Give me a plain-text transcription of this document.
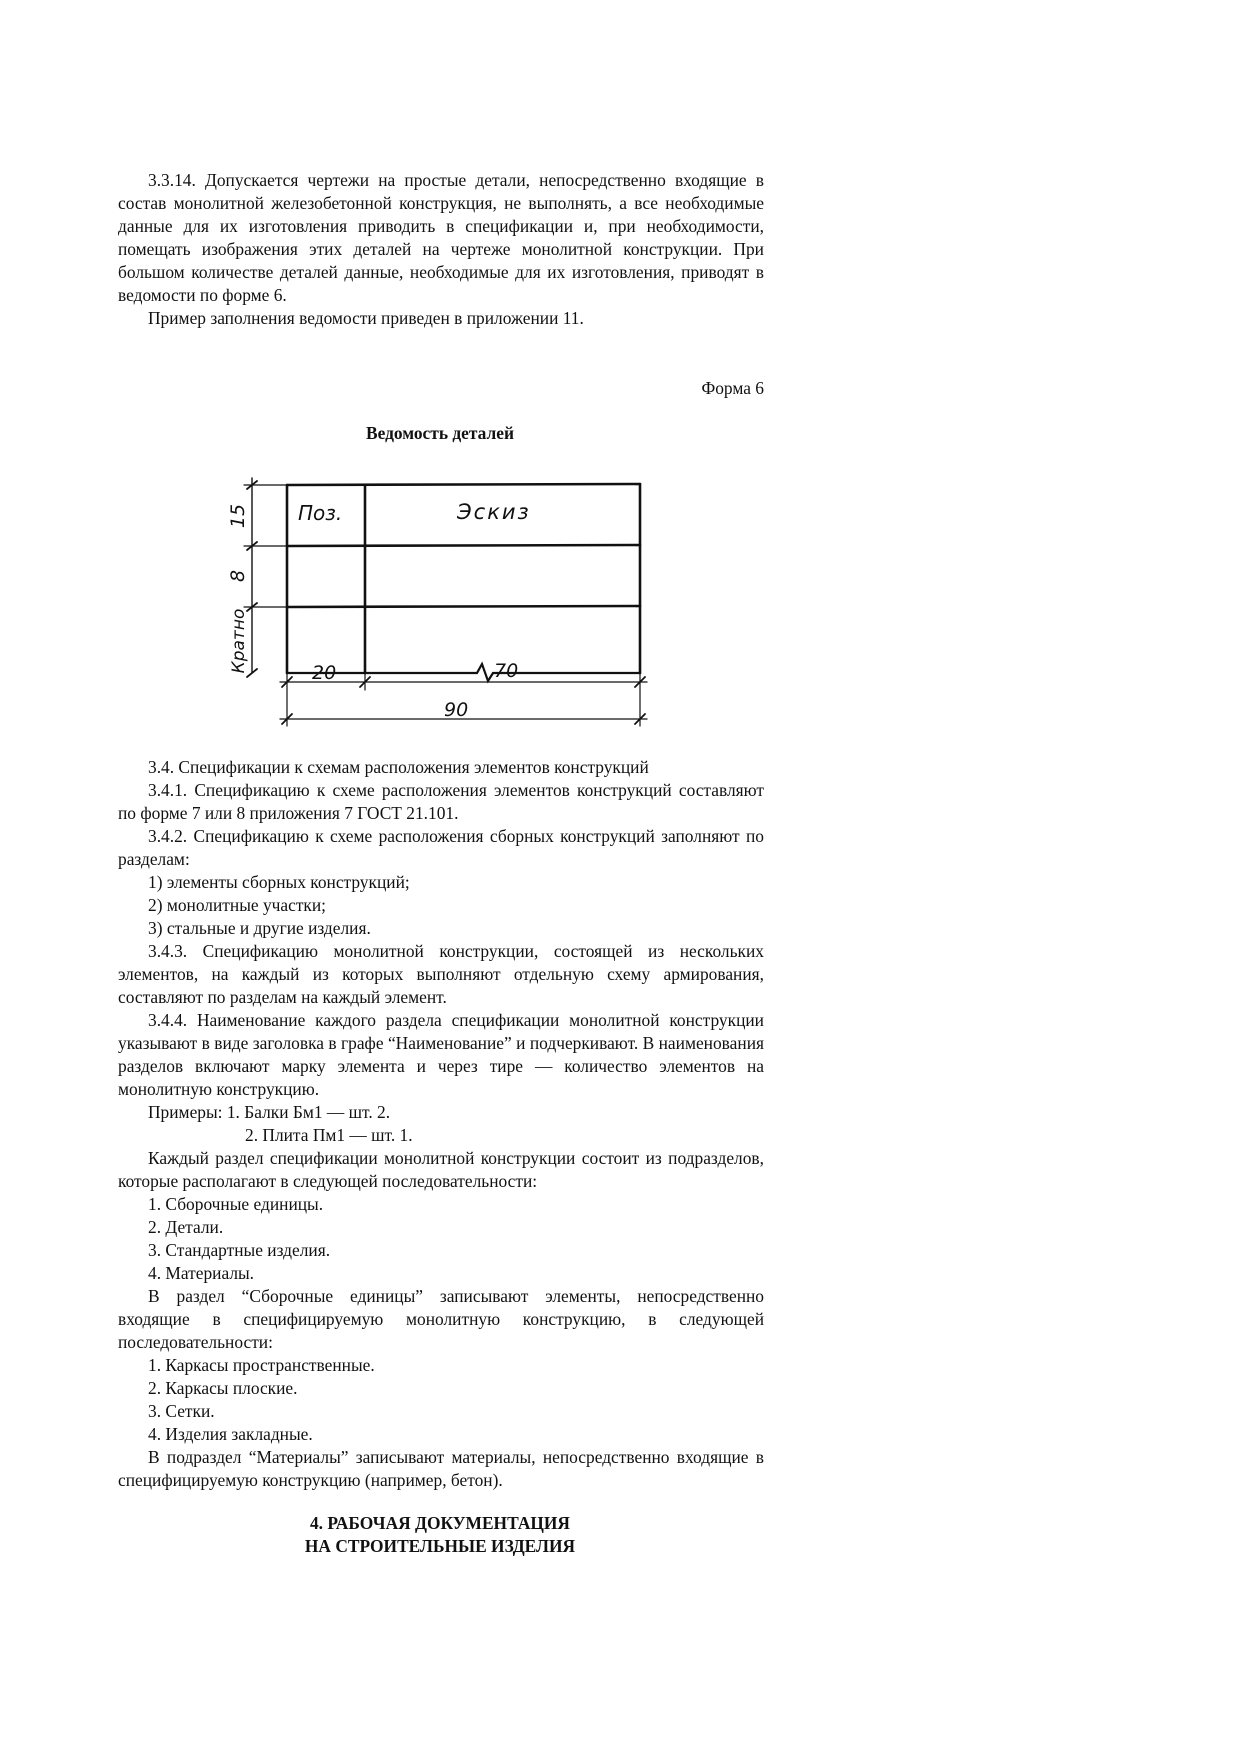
3.3.14. Допускается чертежи на простые детали, непосредственно входящие в состав монолитной железобетонной конструкция, не выполнять, а все необходимые данные для их изготовления приводить в спецификации и, при необходимости, помещать изображения этих деталей на чертеже монолитной конструкции. При большом количестве деталей данные, необходимые для их изготовления, приводят в ведомости по форме 6.

Пример заполнения ведомости приведен в приложении 11.

Форма 6
Ведомость деталей
Поз.	Эскиз
15
8
Кратно	20	70
90

3.4. Спецификации к схемам расположения элементов конструкций

3.4.1. Спецификацию к схеме расположения элементов конструкций составляют по форме 7 или 8 приложения 7 ГОСТ 21.101.

3.4.2. Спецификацию к схеме расположения сборных конструкций заполняют по разделам:

1) элементы сборных конструкций;

2) монолитные участки;

3) стальные и другие изделия.

3.4.3. Спецификацию монолитной конструкции, состоящей из нескольких элементов, на каждый из которых выполняют отдельную схему армирования, составляют по разделам на каждый элемент.

3.4.4. Наименование каждого раздела спецификации монолитной конструкции указывают в виде заголовка в графе “Наименование” и подчеркивают. В наименования разделов включают марку элемента и через тире — количество элементов на монолитную конструкцию.

Примеры: 1. Балки Бм1 — шт. 2.

2. Плита Пм1 — шт. 1.

Каждый раздел спецификации монолитной конструкции состоит из подразделов, которые располагают в следующей последовательности:

1. Сборочные единицы.

2. Детали.

3. Стандартные изделия.

4. Материалы.

В раздел “Сборочные единицы” записывают элементы, непосредственно входящие в специфицируемую монолитную конструкцию, в следующей последовательности:

1. Каркасы пространственные.

2. Каркасы плоские.

3. Сетки.

4. Изделия закладные.

В подраздел “Материалы” записывают материалы, непосредственно входящие в специфицируемую конструкцию (например, бетон).

4. РАБОЧАЯ ДОКУМЕНТАЦИЯ
НА СТРОИТЕЛЬНЫЕ ИЗДЕЛИЯ
